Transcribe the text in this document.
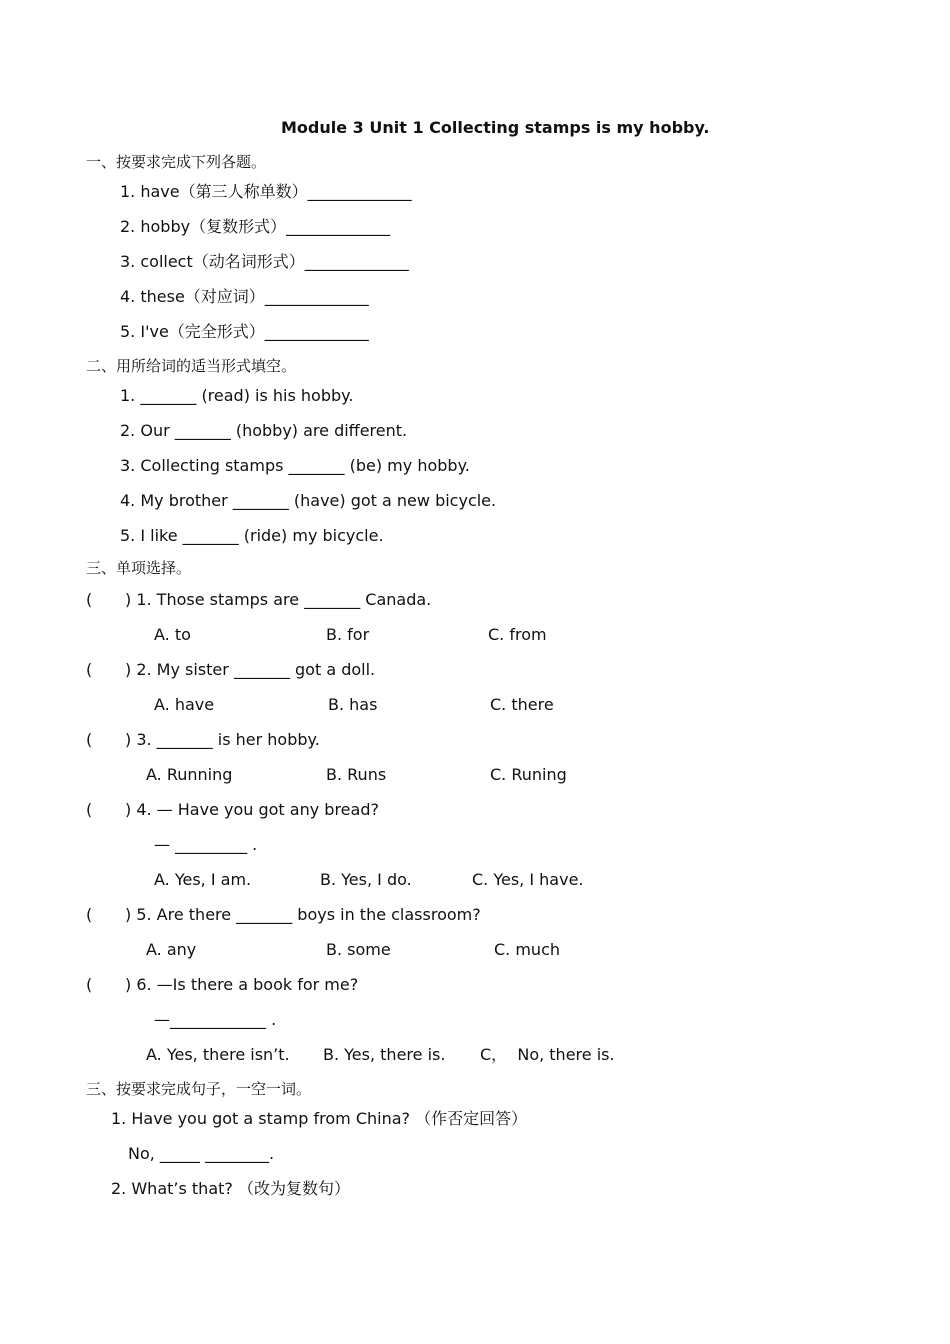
Module 3 Unit 1 Collecting stamps is my hobby.
一、按要求完成下列各题。
1. have（第三人称单数）_____________
2. hobby（复数形式）_____________
3. collect（动名词形式）_____________
4. these（对应词）_____________
5. I've（完全形式）_____________
二、用所给词的适当形式填空。
1. _______ (read) is his hobby.
2. Our _______ (hobby) are different.
3. Collecting stamps _______ (be) my hobby.
4. My brother _______ (have) got a new bicycle.
5. I like _______ (ride) my bicycle.
三、单项选择。
( ) 1. Those stamps are _______ Canada.
A. to	B. for	C. from
( ) 2. My sister _______ got a doll.
A. have	B. has	C. there
( ) 3. _______ is her hobby.
A. Running	B. Runs	C. Runing
( ) 4. — Have you got any bread?
— _________ .
A. Yes, I am.	B. Yes, I do.	C. Yes, I have.
( ) 5. Are there _______ boys in the classroom?
A. any	B. some	C. much
( ) 6. —Is there a book for me?
—____________ .
A. Yes, there isn’t. B. Yes, there is. C，  No, there is.
三、按要求完成句子，一空一词。
1. Have you got a stamp from China? （作否定回答）
No, _____ ________.
2. What’s that? （改为复数句）
